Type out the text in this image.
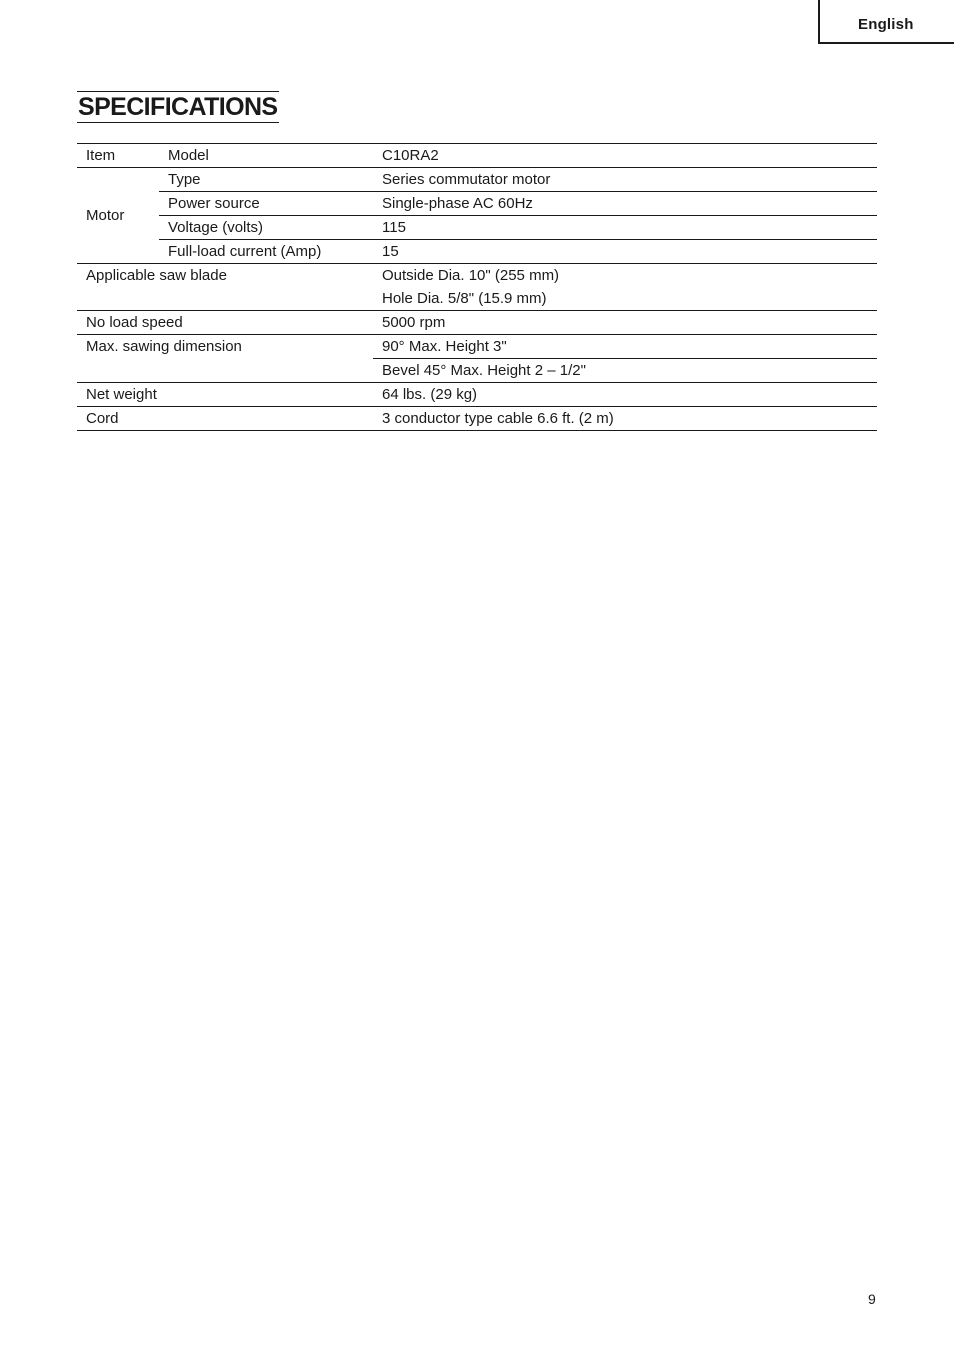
English
SPECIFICATIONS
Item	Model	C10RA2
Motor	Type	Series commutator motor
	Power source	Single-phase AC 60Hz
	Voltage (volts)	115
	Full-load current (Amp)	15
Applicable saw blade		Outside Dia. 10" (255 mm)
		Hole Dia. 5/8" (15.9 mm)
No load speed		5000 rpm
Max. sawing dimension		90° Max. Height 3"
		Bevel 45° Max. Height 2 – 1/2"
Net weight		64 lbs. (29 kg)
Cord		3 conductor type cable 6.6 ft. (2 m)
9
